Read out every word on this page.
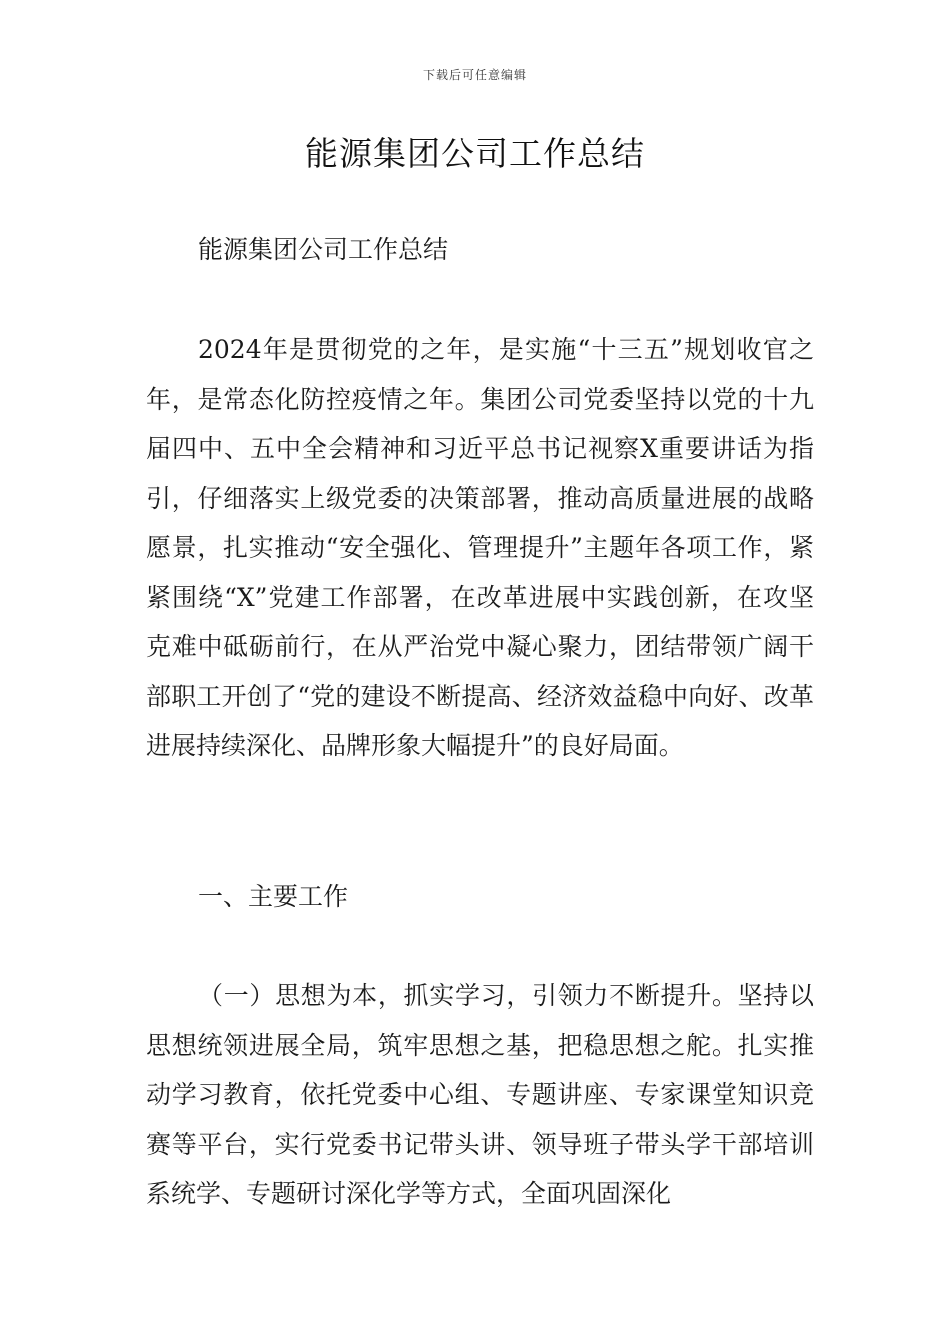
下载后可任意编辑
能源集团公司工作总结

能源集团公司工作总结

2024年是贯彻党的之年，是实施“十三五”规划收官之年，是常态化防控疫情之年。集团公司党委坚持以党的十九届四中、五中全会精神和习近平总书记视察X重要讲话为指引，仔细落实上级党委的决策部署，推动高质量进展的战略愿景，扎实推动“安全强化、管理提升”主题年各项工作，紧紧围绕“X”党建工作部署，在改革进展中实践创新，在攻坚克难中砥砺前行，在从严治党中凝心聚力，团结带领广阔干部职工开创了“党的建设不断提高、经济效益稳中向好、改革进展持续深化、品牌形象大幅提升”的良好局面。

一、主要工作

（一）思想为本，抓实学习，引领力不断提升。坚持以思想统领进展全局，筑牢思想之基，把稳思想之舵。扎实推动学习教育，依托党委中心组、专题讲座、专家课堂知识竞赛等平台，实行党委书记带头讲、领导班子带头学干部培训系统学、专题研讨深化学等方式，全面巩固深化
